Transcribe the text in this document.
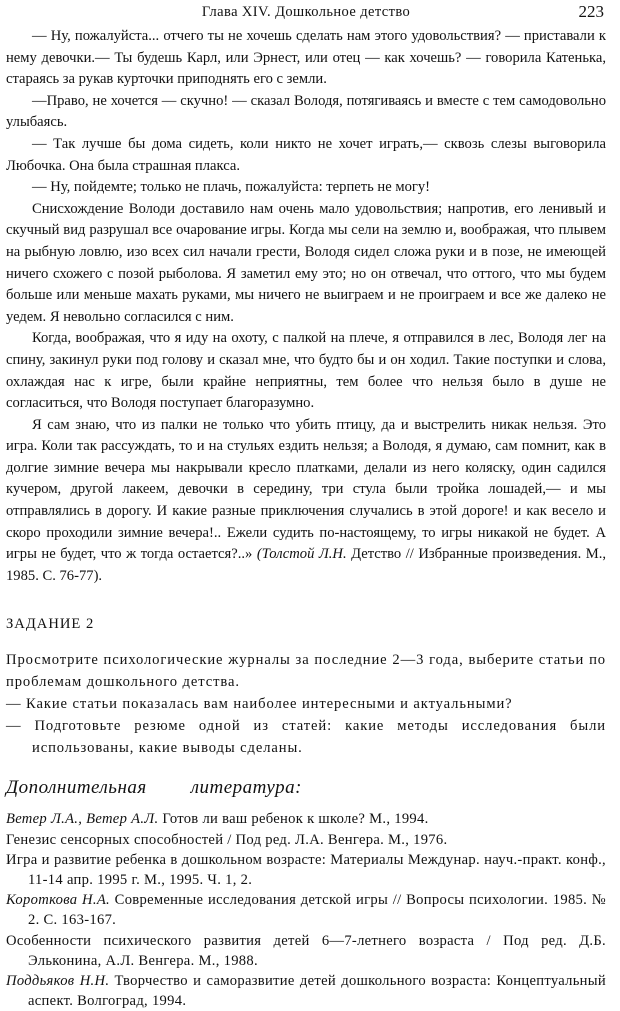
Глава XIV. Дошкольное детство	223

— Ну, пожалуйста... отчего ты не хочешь сделать нам этого удовольствия? — приставали к нему девочки.— Ты будешь Карл, или Эрнест, или отец — как хочешь? — говорила Катенька, стараясь за рукав курточки приподнять его с земли.

—Право, не хочется — скучно! — сказал Володя, потягиваясь и вместе с тем самодовольно улыбаясь.

— Так лучше бы дома сидеть, коли никто не хочет играть,— сквозь слезы выговорила Любочка. Она была страшная плакса.

— Ну, пойдемте; только не плачь, пожалуйста: терпеть не могу!

Снисхождение Володи доставило нам очень мало удовольствия; напротив, его ленивый и скучный вид разрушал все очарование игры. Когда мы сели на землю и, воображая, что плывем на рыбную ловлю, изо всех сил начали грести, Володя сидел сложа руки и в позе, не имеющей ничего схожего с позой рыболова. Я заметил ему это; но он отвечал, что оттого, что мы будем больше или меньше махать руками, мы ничего не выиграем и не проиграем и все же далеко не уедем. Я невольно согласился с ним.

Когда, воображая, что я иду на охоту, с палкой на плече, я отправился в лес, Володя лег на спину, закинул руки под голову и сказал мне, что будто бы и он ходил. Такие поступки и слова, охлаждая нас к игре, были крайне неприятны, тем более что нельзя было в душе не согласиться, что Володя поступает благоразумно.

Я сам знаю, что из палки не только что убить птицу, да и выстрелить никак нельзя. Это игра. Коли так рассуждать, то и на стульях ездить нельзя; а Володя, я думаю, сам помнит, как в долгие зимние вечера мы накрывали кресло платками, делали из него коляску, один садился кучером, другой лакеем, девочки в середину, три стула были тройка лошадей,— и мы отправлялись в дорогу. И какие разные приключения случались в этой дороге! и как весело и скоро проходили зимние вечера!.. Ежели судить по-настоящему, то игры никакой не будет. А игры не будет, что ж тогда остается?..» (Толстой Л.Н. Детство // Избранные произведения. М., 1985. С. 76-77).

ЗАДАНИЕ 2

Просмотрите психологические журналы за последние 2—3 года, выберите статьи по проблемам дошкольного детства.

— Какие статьи показалась вам наиболее интересными и актуальными?

— Подготовьте резюме одной из статей: какие методы исследования были использованы, какие выводы сделаны.

Дополнительная литература:

Ветер Л.А., Ветер А.Л. Готов ли ваш ребенок к школе? М., 1994.

Генезис сенсорных способностей / Под ред. Л.А. Венгера. М., 1976.

Игра и развитие ребенка в дошкольном возрасте: Материалы Междунар. науч.-практ. конф., 11-14 апр. 1995 г. М., 1995. Ч. 1, 2.

Короткова Н.А. Современные исследования детской игры // Вопросы психологии. 1985. № 2. С. 163-167.

Особенности психического развития детей 6—7-летнего возраста / Под ред. Д.Б. Эльконина, А.Л. Венгера. М., 1988.

Поддьяков Н.Н. Творчество и саморазвитие детей дошкольного возраста: Концептуальный аспект. Волгоград, 1994.
